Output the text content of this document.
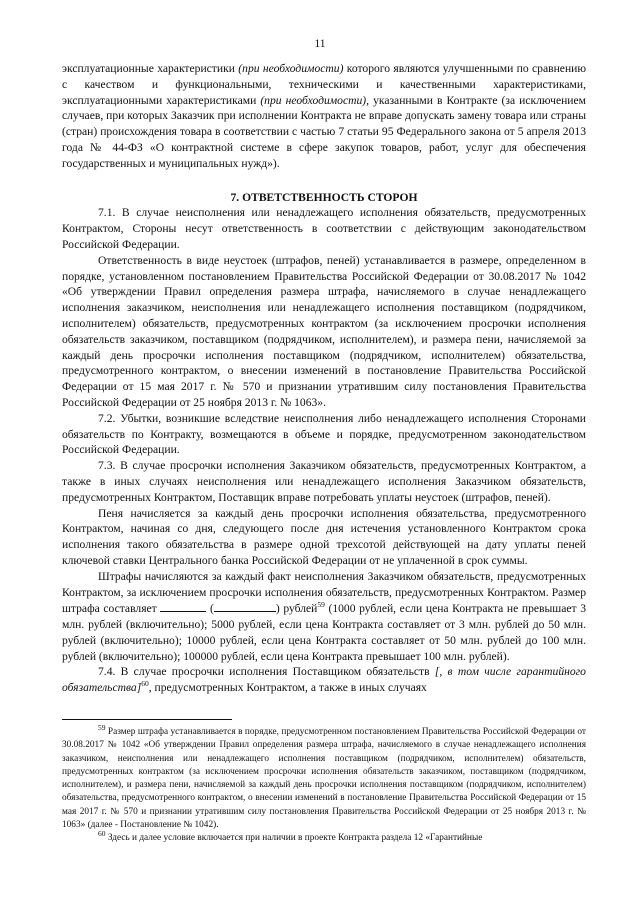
11

эксплуатационные характеристики (при необходимости) которого являются улучшенными по сравнению с качеством и функциональными, техническими и качественными характеристиками, эксплуатационными характеристиками (при необходимости), указанными в Контракте (за исключением случаев, при которых Заказчик при исполнении Контракта не вправе допускать замену товара или страны (стран) происхождения товара в соответствии с частью 7 статьи 95 Федерального закона от 5 апреля 2013 года № 44-ФЗ «О контрактной системе в сфере закупок товаров, работ, услуг для обеспечения государственных и муниципальных нужд»).

7. ОТВЕТСТВЕННОСТЬ СТОРОН

7.1. В случае неисполнения или ненадлежащего исполнения обязательств, предусмотренных Контрактом, Стороны несут ответственность в соответствии с действующим законодательством Российской Федерации.

Ответственность в виде неустоек (штрафов, пеней) устанавливается в размере, определенном в порядке, установленном постановлением Правительства Российской Федерации от 30.08.2017 № 1042 «Об утверждении Правил определения размера штрафа, начисляемого в случае ненадлежащего исполнения заказчиком, неисполнения или ненадлежащего исполнения поставщиком (подрядчиком, исполнителем) обязательств, предусмотренных контрактом (за исключением просрочки исполнения обязательств заказчиком, поставщиком (подрядчиком, исполнителем), и размера пени, начисляемой за каждый день просрочки исполнения поставщиком (подрядчиком, исполнителем) обязательства, предусмотренного контрактом, о внесении изменений в постановление Правительства Российской Федерации от 15 мая 2017 г. № 570 и признании утратившим силу постановления Правительства Российской Федерации от 25 ноября 2013 г. № 1063».

7.2. Убытки, возникшие вследствие неисполнения либо ненадлежащего исполнения Сторонами обязательств по Контракту, возмещаются в объеме и порядке, предусмотренном законодательством Российской Федерации.

7.3. В случае просрочки исполнения Заказчиком обязательств, предусмотренных Контрактом, а также в иных случаях неисполнения или ненадлежащего исполнения Заказчиком обязательств, предусмотренных Контрактом, Поставщик вправе потребовать уплаты неустоек (штрафов, пеней).

Пеня начисляется за каждый день просрочки исполнения обязательства, предусмотренного Контрактом, начиная со дня, следующего после дня истечения установленного Контрактом срока исполнения такого обязательства в размере одной трехсотой действующей на дату уплаты пеней ключевой ставки Центрального банка Российской Федерации от не уплаченной в срок суммы.

Штрафы начисляются за каждый факт неисполнения Заказчиком обязательств, предусмотренных Контрактом, за исключением просрочки исполнения обязательств, предусмотренных Контрактом. Размер штрафа составляет	(	) рублей$^{59}$ (1000 рублей, если цена Контракта не превышает 3 млн. рублей (включительно); 5000 рублей, если цена Контракта составляет от 3 млн. рублей до 50 млн. рублей (включительно); 10000 рублей, если цена Контракта составляет от 50 млн. рублей до 100 млн. рублей (включительно); 100000 рублей, если цена Контракта превышает 100 млн. рублей).

7.4. В случае просрочки исполнения Поставщиком обязательств [, в том числе гарантийного обязательства]$^{60}$, предусмотренных Контрактом, а также в иных случаях

$^{59}$ Размер штрафа устанавливается в порядке, предусмотренном постановлением Правительства Российской Федерации от 30.08.2017 № 1042 «Об утверждении Правил определения размера штрафа, начисляемого в случае ненадлежащего исполнения заказчиком, неисполнения или ненадлежащего исполнения поставщиком (подрядчиком, исполнителем) обязательств, предусмотренных контрактом (за исключением просрочки исполнения обязательств заказчиком, поставщиком (подрядчиком, исполнителем), и размера пени, начисляемой за каждый день просрочки исполнения поставщиком (подрядчиком, исполнителем) обязательства, предусмотренного контрактом, о внесении изменений в постановление Правительства Российской Федерации от 15 мая 2017 г. № 570 и признании утратившим силу постановления Правительства Российской Федерации от 25 ноября 2013 г. № 1063» (далее - Постановление № 1042).

$^{60}$ Здесь и далее условие включается при наличии в проекте Контракта раздела 12 «Гарантийные
